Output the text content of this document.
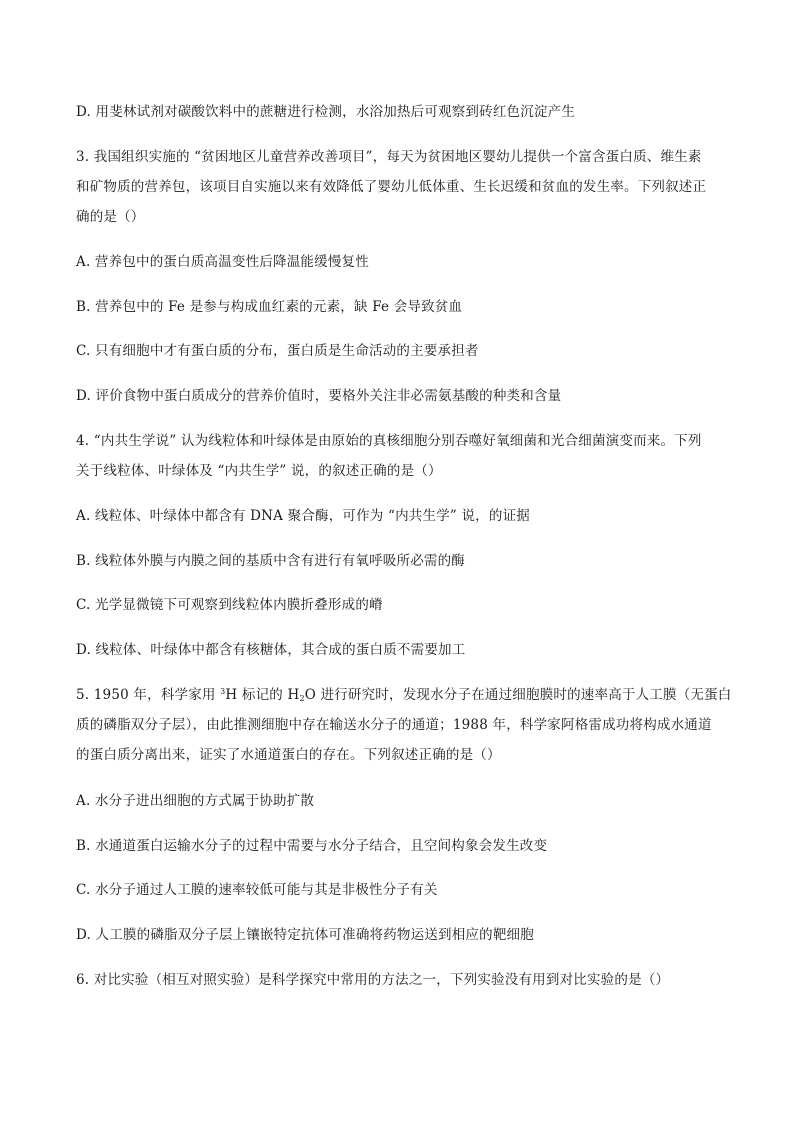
D. 用斐林试剂对碳酸饮料中的蔗糖进行检测，水浴加热后可观察到砖红色沉淀产生
3. 我国组织实施的 “贫困地区儿童营养改善项目”，每天为贫困地区婴幼儿提供一个富含蛋白质、维生素
和矿物质的营养包，该项目自实施以来有效降低了婴幼儿低体重、生长迟缓和贫血的发生率。下列叙述正
确的是（）
A. 营养包中的蛋白质高温变性后降温能缓慢复性
B. 营养包中的 Fe 是参与构成血红素的元素，缺 Fe 会导致贫血
C. 只有细胞中才有蛋白质的分布，蛋白质是生命活动的主要承担者
D. 评价食物中蛋白质成分的营养价值时，要格外关注非必需氨基酸的种类和含量
4. “内共生学说” 认为线粒体和叶绿体是由原始的真核细胞分别吞噬好氧细菌和光合细菌演变而来。下列
关于线粒体、叶绿体及 “内共生学” 说，的叙述正确的是（）
A. 线粒体、叶绿体中都含有 DNA 聚合酶，可作为 “内共生学” 说，的证据
B. 线粒体外膜与内膜之间的基质中含有进行有氧呼吸所必需的酶
C. 光学显微镜下可观察到线粒体内膜折叠形成的嵴
D. 线粒体、叶绿体中都含有核糖体，其合成的蛋白质不需要加工
5. 1950 年，科学家用 $^3$H 标记的 $H_2O$ 进行研究时，发现水分子在通过细胞膜时的速率高于人工膜（无蛋白
质的磷脂双分子层），由此推测细胞中存在输送水分子的通道；1988 年，科学家阿格雷成功将构成水通道
的蛋白质分离出来，证实了水通道蛋白的存在。下列叙述正确的是（）
A. 水分子进出细胞的方式属于协助扩散
B. 水通道蛋白运输水分子的过程中需要与水分子结合，且空间构象会发生改变
C. 水分子通过人工膜的速率较低可能与其是非极性分子有关
D. 人工膜的磷脂双分子层上镶嵌特定抗体可准确将药物运送到相应的靶细胞
6. 对比实验（相互对照实验）是科学探究中常用的方法之一，下列实验没有用到对比实验的是（）
